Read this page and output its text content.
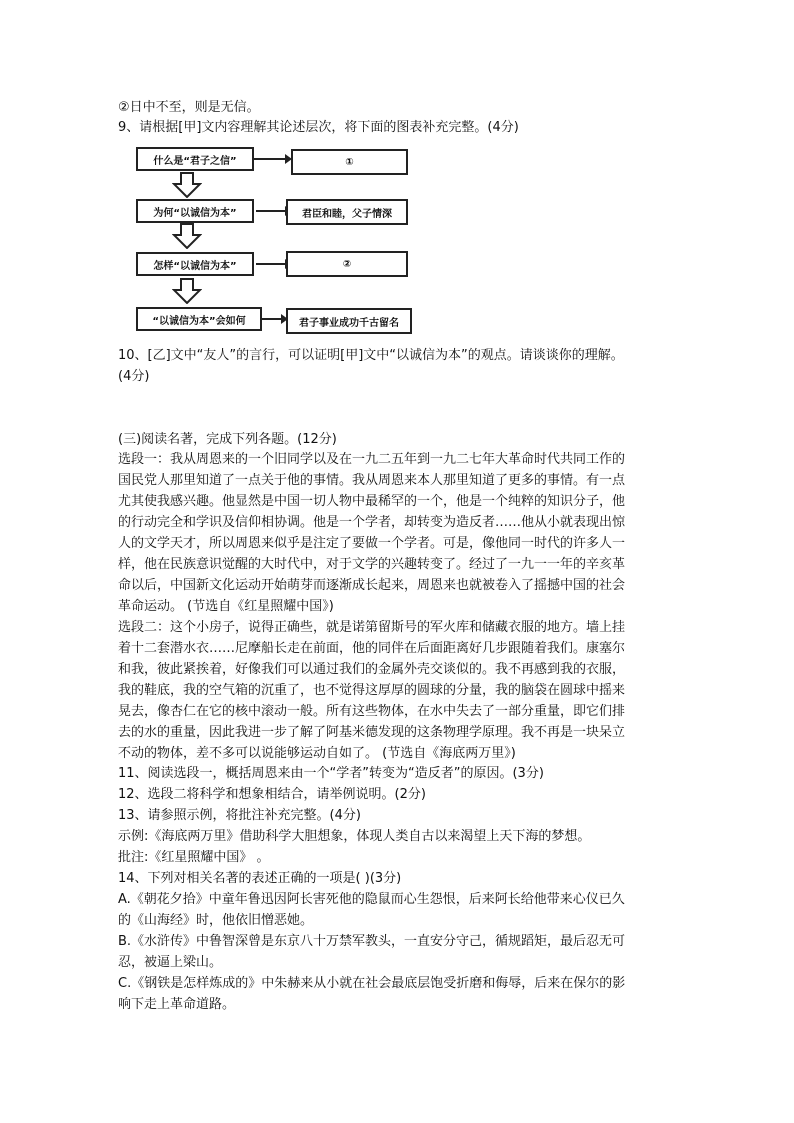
②日中不至，则是无信。
9、请根据[甲]文内容理解其论述层次，将下面的图表补充完整。(4分)
什么是“君子之信”	①
为何“以诚信为本”	君臣和睦，父子情深
怎样“以诚信为本”	②
“以诚信为本”会如何	君子事业成功千古留名
10、[乙]文中“友人”的言行，可以证明[甲]文中“以诚信为本”的观点。请谈谈你的理解。
(4分)
(三)阅读名著，完成下列各题。(12分)
选段一：我从周恩来的一个旧同学以及在一九二五年到一九二七年大革命时代共同工作的
国民党人那里知道了一点关于他的事情。我从周恩来本人那里知道了更多的事情。有一点
尤其使我感兴趣。他显然是中国一切人物中最稀罕的一个，他是一个纯粹的知识分子，他
的行动完全和学识及信仰相协调。他是一个学者，却转变为造反者……他从小就表现出惊
人的文学天才，所以周恩来似乎是注定了要做一个学者。可是，像他同一时代的许多人一
样，他在民族意识觉醒的大时代中，对于文学的兴趣转变了。经过了一九一一年的辛亥革
命以后，中国新文化运动开始萌芽而逐渐成长起来，周恩来也就被卷入了摇撼中国的社会
革命运动。 (节选自《红星照耀中国》)
选段二：这个小房子，说得正确些，就是诺第留斯号的军火库和储藏衣服的地方。墙上挂
着十二套潜水衣……尼摩船长走在前面，他的同伴在后面距离好几步跟随着我们。康塞尔
和我，彼此紧挨着，好像我们可以通过我们的金属外壳交谈似的。我不再感到我的衣服，
我的鞋底，我的空气箱的沉重了，也不觉得这厚厚的圆球的分量，我的脑袋在圆球中摇来
晃去，像杏仁在它的核中滚动一般。所有这些物体，在水中失去了一部分重量，即它们排
去的水的重量，因此我进一步了解了阿基米德发现的这条物理学原理。我不再是一块呆立
不动的物体，差不多可以说能够运动自如了。 (节选自《海底两万里》)
11、阅读选段一，概括周恩来由一个“学者”转变为“造反者”的原因。(3分)
12、选段二将科学和想象相结合，请举例说明。(2分)
13、请参照示例，将批注补充完整。(4分)
示例:《海底两万里》借助科学大胆想象，体现人类自古以来渴望上天下海的梦想。
批注:《红星照耀中国》 。
14、下列对相关名著的表述正确的一项是( )(3分)
A.《朝花夕拾》中童年鲁迅因阿长害死他的隐鼠而心生怨恨，后来阿长给他带来心仪已久
的《山海经》时，他依旧憎恶她。
B.《水浒传》中鲁智深曾是东京八十万禁军教头，一直安分守己，循规蹈矩，最后忍无可
忍，被逼上梁山。
C.《钢铁是怎样炼成的》中朱赫来从小就在社会最底层饱受折磨和侮辱，后来在保尔的影
响下走上革命道路。
